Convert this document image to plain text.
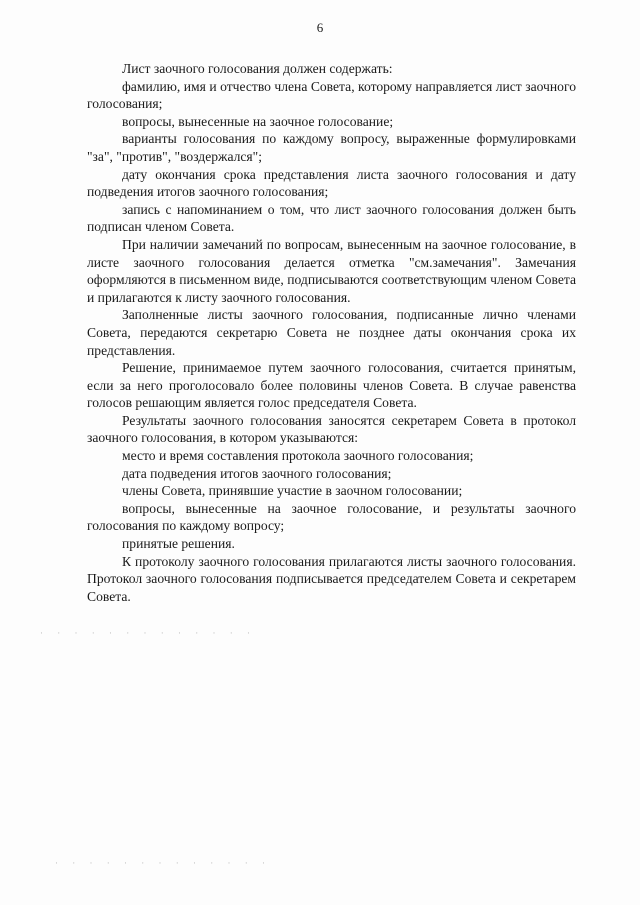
6

Лист заочного голосования должен содержать:

фамилию, имя и отчество члена Совета, которому направляется лист заочного голосования;

вопросы, вынесенные на заочное голосование;

варианты голосования по каждому вопросу, выраженные формулировками "за", "против", "воздержался";

дату окончания срока представления листа заочного голосования и дату подведения итогов заочного голосования;

запись с напоминанием о том, что лист заочного голосования должен быть подписан членом Совета.

При наличии замечаний по вопросам, вынесенным на заочное голосование, в листе заочного голосования делается отметка "см.замечания". Замечания оформляются в письменном виде, подписываются соответствующим членом Совета и прилагаются к листу заочного голосования.

Заполненные листы заочного голосования, подписанные лично членами Совета, передаются секретарю Совета не позднее даты окончания срока их представления.

Решение, принимаемое путем заочного голосования, считается принятым, если за него проголосовало более половины членов Совета. В случае равенства голосов решающим является голос председателя Совета.

Результаты заочного голосования заносятся секретарем Совета в протокол заочного голосования, в котором указываются:

место и время составления протокола заочного голосования;

дата подведения итогов заочного голосования;

члены Совета, принявшие участие в заочном голосовании;

вопросы, вынесенные на заочное голосование, и результаты заочного голосования по каждому вопросу;

принятые решения.

К протоколу заочного голосования прилагаются листы заочного голосования. Протокол заочного голосования подписывается председателем Совета и секретарем Совета.

· · · · · · · · · · · · ·
· · · · · · · · · · · · ·
